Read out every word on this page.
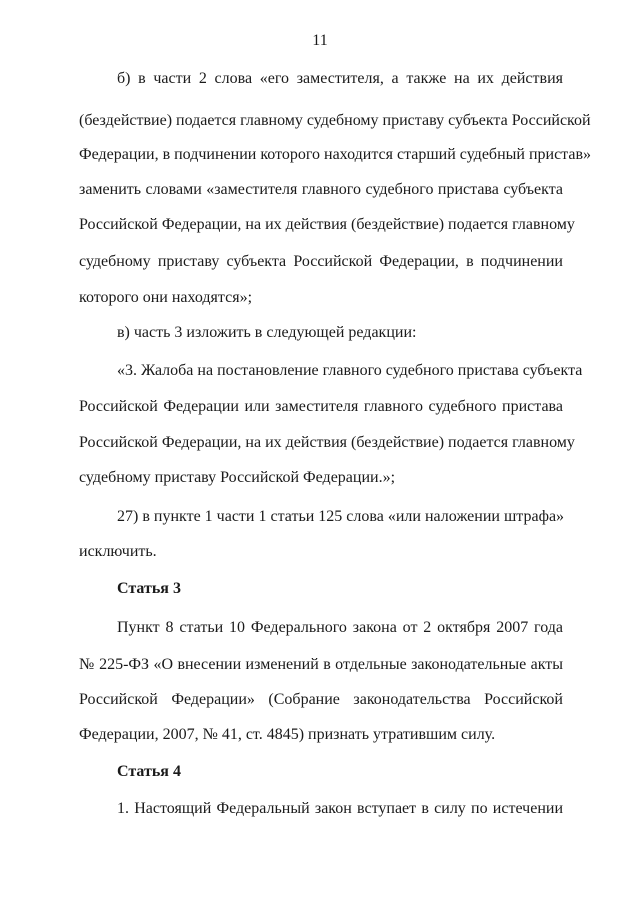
11
б) в части 2 слова «его заместителя, а также на их действия
(бездействие) подается главному судебному приставу субъекта Российской
Федерации, в подчинении которого находится старший судебный пристав»
заменить словами «заместителя главного судебного пристава субъекта
Российской Федерации, на их действия (бездействие) подается главному
судебному приставу субъекта Российской Федерации, в подчинении
которого они находятся»;
в) часть 3 изложить в следующей редакции:
«3. Жалоба на постановление главного судебного пристава субъекта
Российской Федерации или заместителя главного судебного пристава
Российской Федерации, на их действия (бездействие) подается главному
судебному приставу Российской Федерации.»;
27) в пункте 1 части 1 статьи 125 слова «или наложении штрафа»
исключить.
Статья 3
Пункт 8 статьи 10 Федерального закона от 2 октября 2007 года
№ 225-ФЗ «О внесении изменений в отдельные законодательные акты
Российской Федерации» (Собрание законодательства Российской
Федерации, 2007, № 41, ст. 4845) признать утратившим силу.
Статья 4
1. Настоящий Федеральный закон вступает в силу по истечении
